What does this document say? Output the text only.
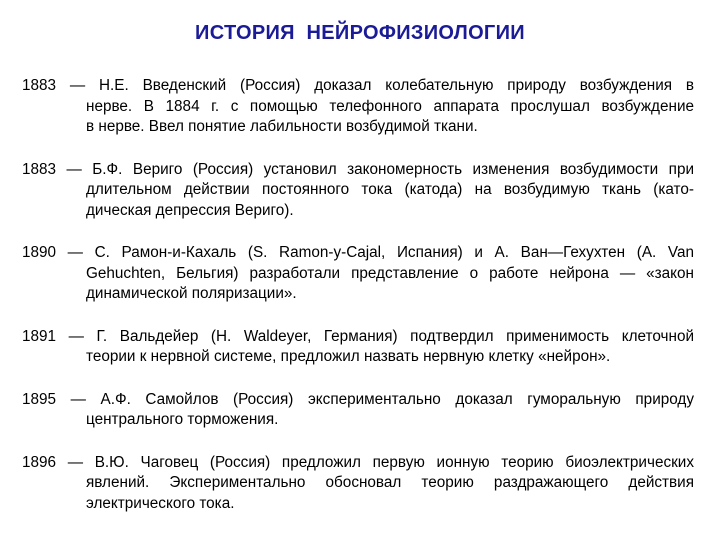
ИСТОРИЯ  НЕЙРОФИЗИОЛОГИИ
1883 — Н.Е. Введенский (Россия) доказал колебательную природу возбуждения в
нерве. В 1884 г. с помощью телефонного аппарата прослушал возбуждение
в нерве. Ввел понятие лабильности возбудимой ткани.
1883 — Б.Ф. Вериго (Россия) установил закономерность изменения возбудимости при
длительном действии постоянного тока (катода) на возбудимую ткань (като-
дическая депрессия Вериго).
1890 — С. Рамон-и-Кахаль (S. Ramon-y-Cajal, Испания) и А. Ван—Гехухтен (A. Van
Gehuchten, Бельгия) разработали представление о работе нейрона — «закон
динамической поляризации».
1891 — Г. Вальдейер (H. Waldeyer, Германия) подтвердил применимость клеточной
теории к нервной системе, предложил назвать нервную клетку «нейрон».
1895 — А.Ф. Самойлов (Россия) экспериментально доказал гуморальную природу
центрального торможения.
1896 — В.Ю. Чаговец (Россия) предложил первую ионную теорию биоэлектрических
явлений. Экспериментально обосновал теорию раздражающего действия
электрического тока.
